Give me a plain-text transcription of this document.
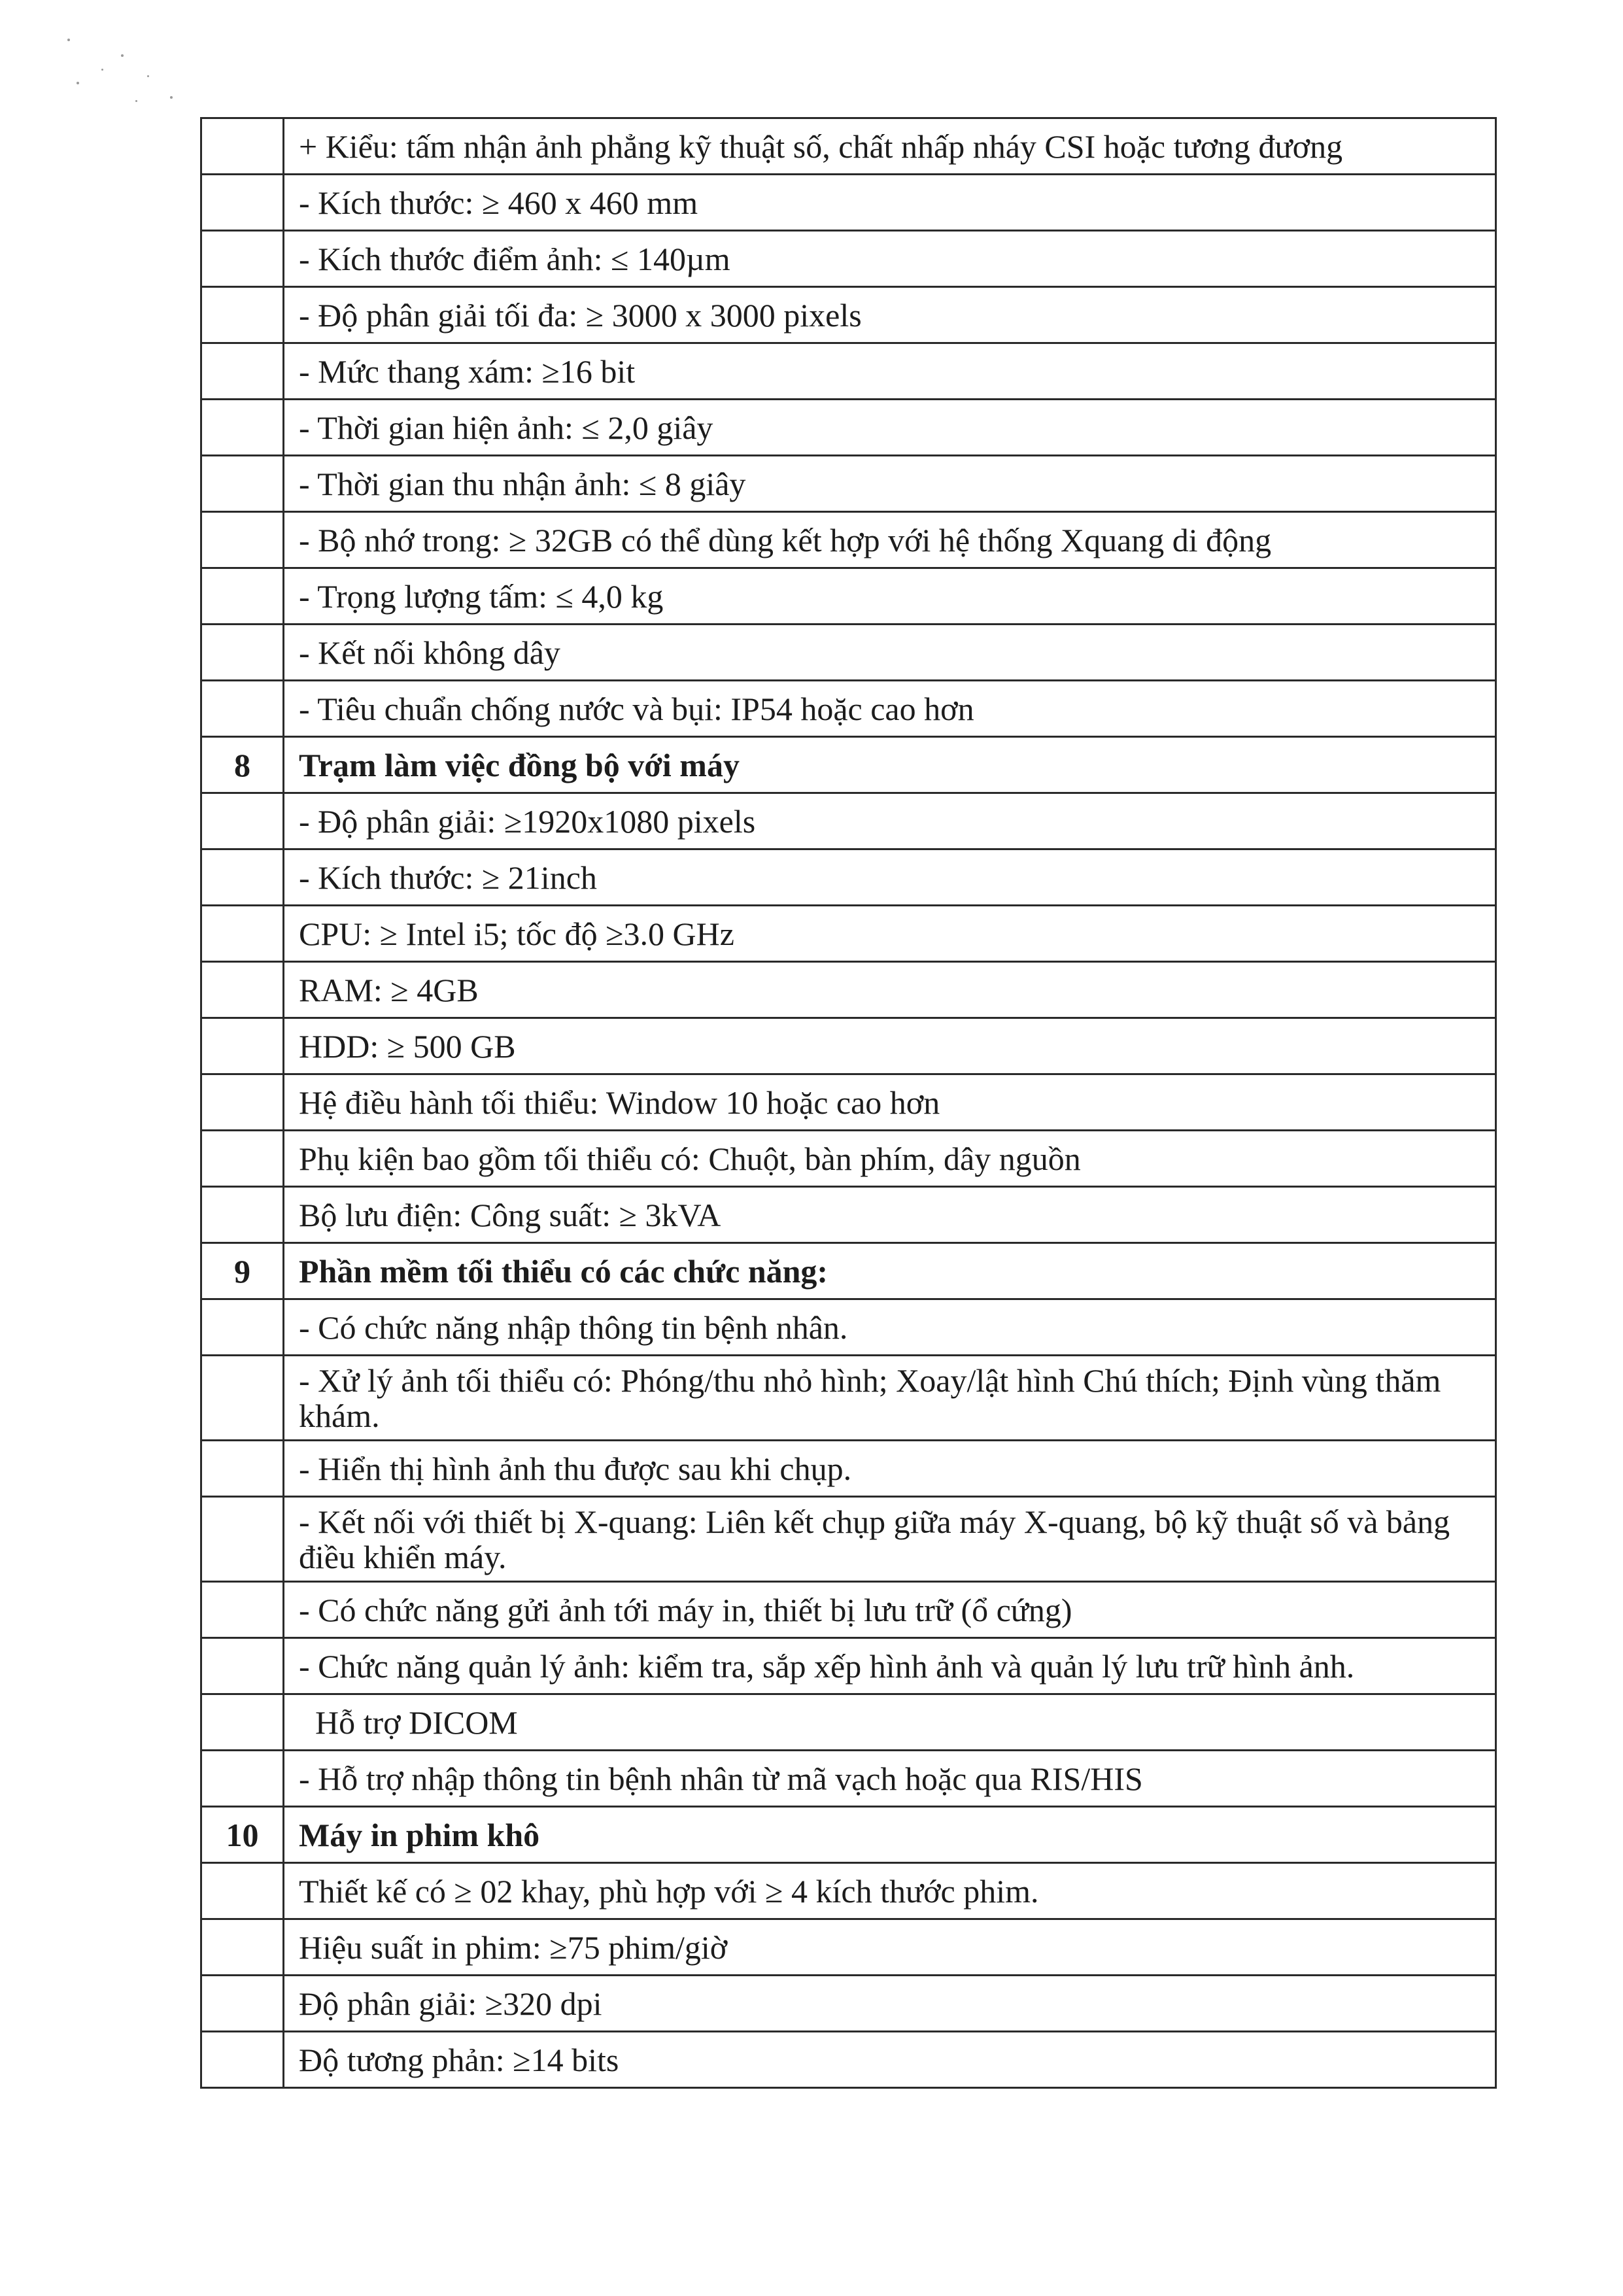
	+ Kiểu: tấm nhận ảnh phẳng kỹ thuật số, chất nhấp nháy CSI hoặc tương đương
	- Kích thước: ≥ 460 x 460 mm
	- Kích thước điểm ảnh: ≤ 140µm
	- Độ phân giải tối đa: ≥ 3000 x 3000 pixels
	- Mức thang xám: ≥16 bit
	- Thời gian hiện ảnh: ≤ 2,0 giây
	- Thời gian thu nhận ảnh: ≤ 8 giây
	- Bộ nhớ trong: ≥ 32GB có thể dùng kết hợp với hệ thống Xquang di động
	- Trọng lượng tấm: ≤ 4,0 kg
	- Kết nối không dây
	- Tiêu chuẩn chống nước và bụi: IP54 hoặc cao hơn
8	Trạm làm việc đồng bộ với máy
	- Độ phân giải: ≥1920x1080 pixels
	- Kích thước: ≥ 21inch
	CPU: ≥ Intel i5; tốc độ ≥3.0 GHz
	RAM: ≥ 4GB
	HDD: ≥ 500 GB
	Hệ điều hành tối thiểu: Window 10 hoặc cao hơn
	Phụ kiện bao gồm tối thiểu có: Chuột, bàn phím, dây nguồn
	Bộ lưu điện: Công suất: ≥ 3kVA
9	Phần mềm tối thiểu có các chức năng:
	- Có chức năng nhập thông tin bệnh nhân.
	- Xử lý ảnh tối thiểu có: Phóng/thu nhỏ hình; Xoay/lật hình Chú thích; Định vùng thăm khám.
	- Hiển thị hình ảnh thu được sau khi chụp.
	- Kết nối với thiết bị X-quang: Liên kết chụp giữa máy X-quang, bộ kỹ thuật số và bảng điều khiển máy.
	- Có chức năng gửi ảnh tới máy in, thiết bị lưu trữ (ổ cứng)
	- Chức năng quản lý ảnh: kiểm tra, sắp xếp hình ảnh và quản lý lưu trữ hình ảnh.
	Hỗ trợ DICOM
	- Hỗ trợ nhập thông tin bệnh nhân từ mã vạch hoặc qua RIS/HIS
10	Máy in phim khô
	Thiết kế có ≥ 02 khay, phù hợp với ≥ 4 kích thước phim.
	Hiệu suất in phim: ≥75 phim/giờ
	Độ phân giải: ≥320 dpi
	Độ tương phản: ≥14 bits
